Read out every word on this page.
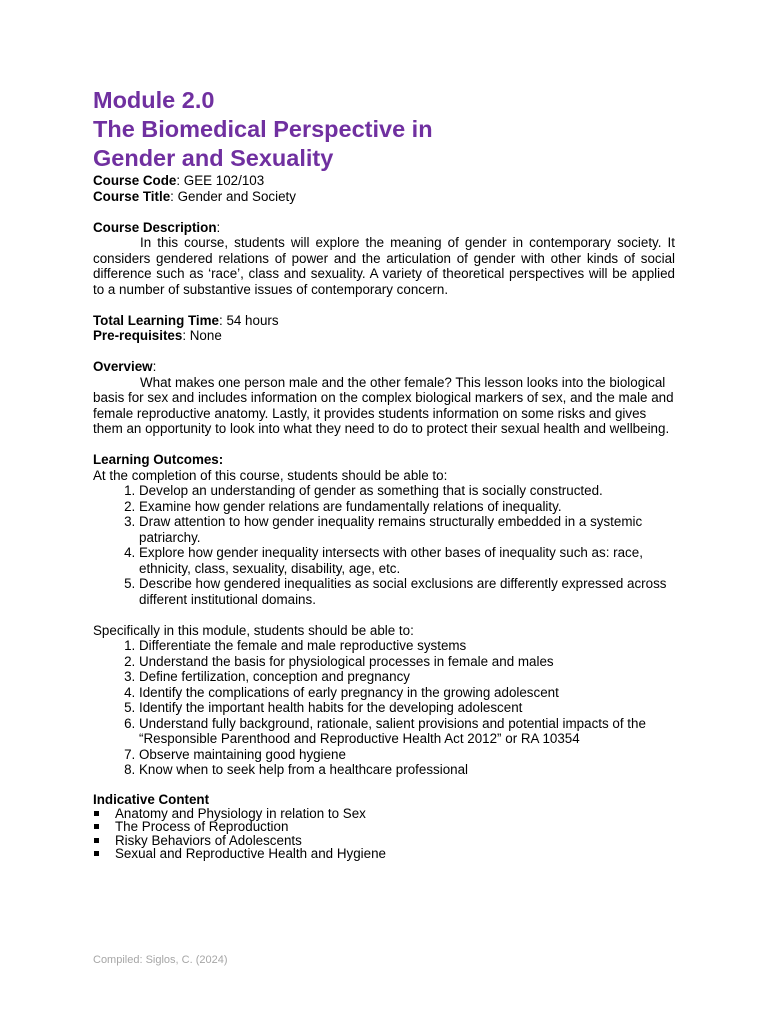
Module 2.0
The Biomedical Perspective in
Gender and Sexuality
Course Code: GEE 102/103
Course Title: Gender and Society
Course Description:
In this course, students will explore the meaning of gender in contemporary society. It considers gendered relations of power and the articulation of gender with other kinds of social difference such as ‘race’, class and sexuality. A variety of theoretical perspectives will be applied to a number of substantive issues of contemporary concern.
Total Learning Time: 54 hours
Pre-requisites: None
Overview:
What makes one person male and the other female? This lesson looks into the biological basis for sex and includes information on the complex biological markers of sex, and the male and female reproductive anatomy. Lastly, it provides students information on some risks and gives them an opportunity to look into what they need to do to protect their sexual health and wellbeing.
Learning Outcomes:
At the completion of this course, students should be able to:
1. Develop an understanding of gender as something that is socially constructed.
2. Examine how gender relations are fundamentally relations of inequality.
3. Draw attention to how gender inequality remains structurally embedded in a systemic patriarchy.
4. Explore how gender inequality intersects with other bases of inequality such as: race, ethnicity, class, sexuality, disability, age, etc.
5. Describe how gendered inequalities as social exclusions are differently expressed across different institutional domains.
Specifically in this module, students should be able to:
1. Differentiate the female and male reproductive systems
2. Understand the basis for physiological processes in female and males
3. Define fertilization, conception and pregnancy
4. Identify the complications of early pregnancy in the growing adolescent
5. Identify the important health habits for the developing adolescent
6. Understand fully background, rationale, salient provisions and potential impacts of the “Responsible Parenthood and Reproductive Health Act 2012” or RA 10354
7. Observe maintaining good hygiene
8. Know when to seek help from a healthcare professional
Indicative Content
Anatomy and Physiology in relation to Sex
The Process of Reproduction
Risky Behaviors of Adolescents
Sexual and Reproductive Health and Hygiene
Compiled: Siglos, C. (2024)
